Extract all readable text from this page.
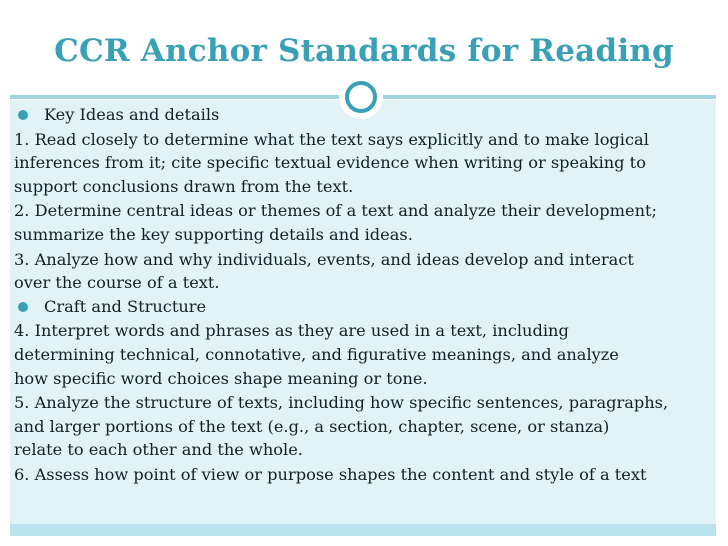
CCR Anchor Standards for Reading
Key Ideas and details
1. Read closely to determine what the text says explicitly and to make logical
inferences from it; cite specific textual evidence when writing or speaking to
support conclusions drawn from the text.
2. Determine central ideas or themes of a text and analyze their development;
summarize the key supporting details and ideas.
3. Analyze how and why individuals, events, and ideas develop and interact
over the course of a text.
Craft and Structure
4. Interpret words and phrases as they are used in a text, including
determining technical, connotative, and figurative meanings, and analyze
how specific word choices shape meaning or tone.
5. Analyze the structure of texts, including how specific sentences, paragraphs,
and larger portions of the text (e.g., a section, chapter, scene, or stanza)
relate to each other and the whole.
6. Assess how point of view or purpose shapes the content and style of a text
